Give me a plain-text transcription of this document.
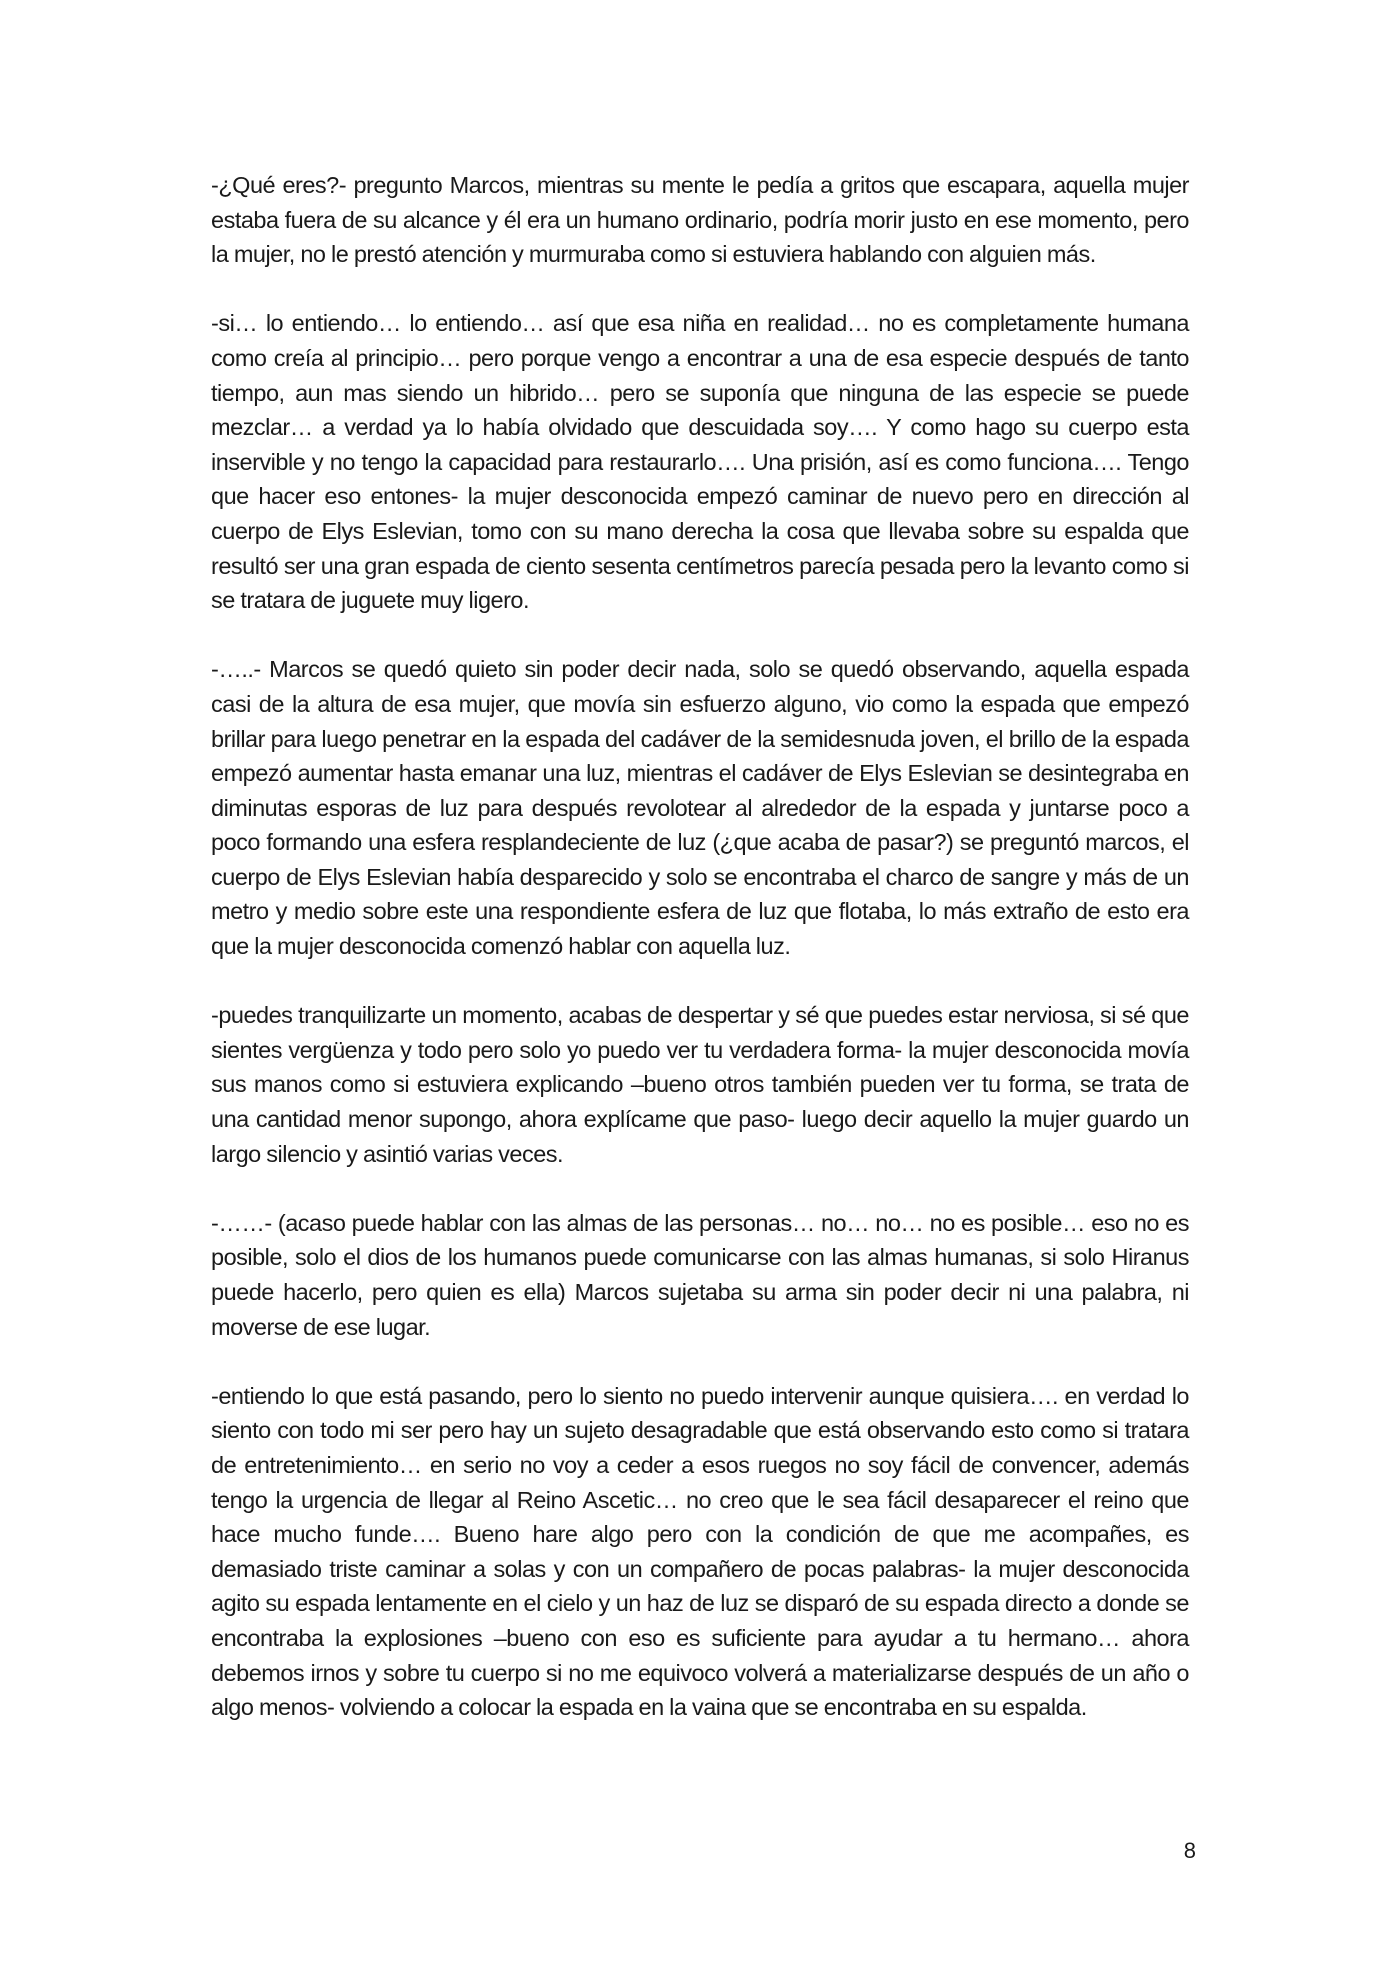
-¿Qué eres?- pregunto Marcos, mientras su mente le pedía a gritos que escapara, aquella mujer estaba fuera de su alcance y él era un humano ordinario, podría morir justo en ese momento, pero la mujer, no le prestó atención y murmuraba como si estuviera hablando con alguien más.

-si… lo entiendo… lo entiendo… así que esa niña en realidad… no es completamente humana como creía al principio… pero porque vengo a encontrar a una de esa especie después de tanto tiempo, aun mas siendo un hibrido… pero se suponía que ninguna de las especie se puede mezclar… a verdad ya lo había olvidado que descuidada soy…. Y como hago su cuerpo esta inservible y no tengo la capacidad para restaurarlo…. Una prisión, así es como funciona…. Tengo que hacer eso entones- la mujer desconocida empezó caminar de nuevo pero en dirección al cuerpo de Elys Eslevian, tomo con su mano derecha la cosa que llevaba sobre su espalda que resultó ser una gran espada de ciento sesenta centímetros parecía pesada pero la levanto como si se tratara de juguete muy ligero.

-…..- Marcos se quedó quieto sin poder decir nada, solo se quedó observando, aquella espada casi de la altura de esa mujer, que movía sin esfuerzo alguno, vio como la espada que empezó brillar para luego penetrar en la espada del cadáver de la semidesnuda joven, el brillo de la espada empezó aumentar hasta emanar una luz, mientras el cadáver de Elys Eslevian se desintegraba en diminutas esporas de luz para después revolotear al alrededor de la espada y juntarse poco a poco formando una esfera resplandeciente de luz (¿que acaba de pasar?) se preguntó marcos, el cuerpo de Elys Eslevian había desparecido y solo se encontraba el charco de sangre y más de un metro y medio sobre este una respondiente esfera de luz que flotaba, lo más extraño de esto era que la mujer desconocida comenzó hablar con aquella luz.

-puedes tranquilizarte un momento, acabas de despertar y sé que puedes estar nerviosa, si sé que sientes vergüenza y todo pero solo yo puedo ver tu verdadera forma- la mujer desconocida movía sus manos como si estuviera explicando –bueno otros también pueden ver tu forma, se trata de una cantidad menor supongo, ahora explícame que paso- luego decir aquello la mujer guardo un largo silencio y asintió varias veces.

-……- (acaso puede hablar con las almas de las personas… no… no… no es posible… eso no es posible, solo el dios de los humanos puede comunicarse con las almas humanas, si solo Hiranus puede hacerlo, pero quien es ella) Marcos sujetaba su arma sin poder decir ni una palabra, ni moverse de ese lugar.

-entiendo lo que está pasando, pero lo siento no puedo intervenir aunque quisiera…. en verdad lo siento con todo mi ser pero hay un sujeto desagradable que está observando esto como si tratara de entretenimiento… en serio no voy a ceder a esos ruegos no soy fácil de convencer, además tengo la urgencia de llegar al Reino Ascetic… no creo que le sea fácil desaparecer el reino que hace mucho funde…. Bueno hare algo pero con la condición de que me acompañes, es demasiado triste caminar a solas y con un compañero de pocas palabras- la mujer desconocida agito su espada lentamente en el cielo y un haz de luz se disparó de su espada directo a donde se encontraba la explosiones –bueno con eso es suficiente para ayudar a tu hermano… ahora debemos irnos y sobre tu cuerpo si no me equivoco volverá a materializarse después de un año o algo menos- volviendo a colocar la espada en la vaina que se encontraba en su espalda.

8
